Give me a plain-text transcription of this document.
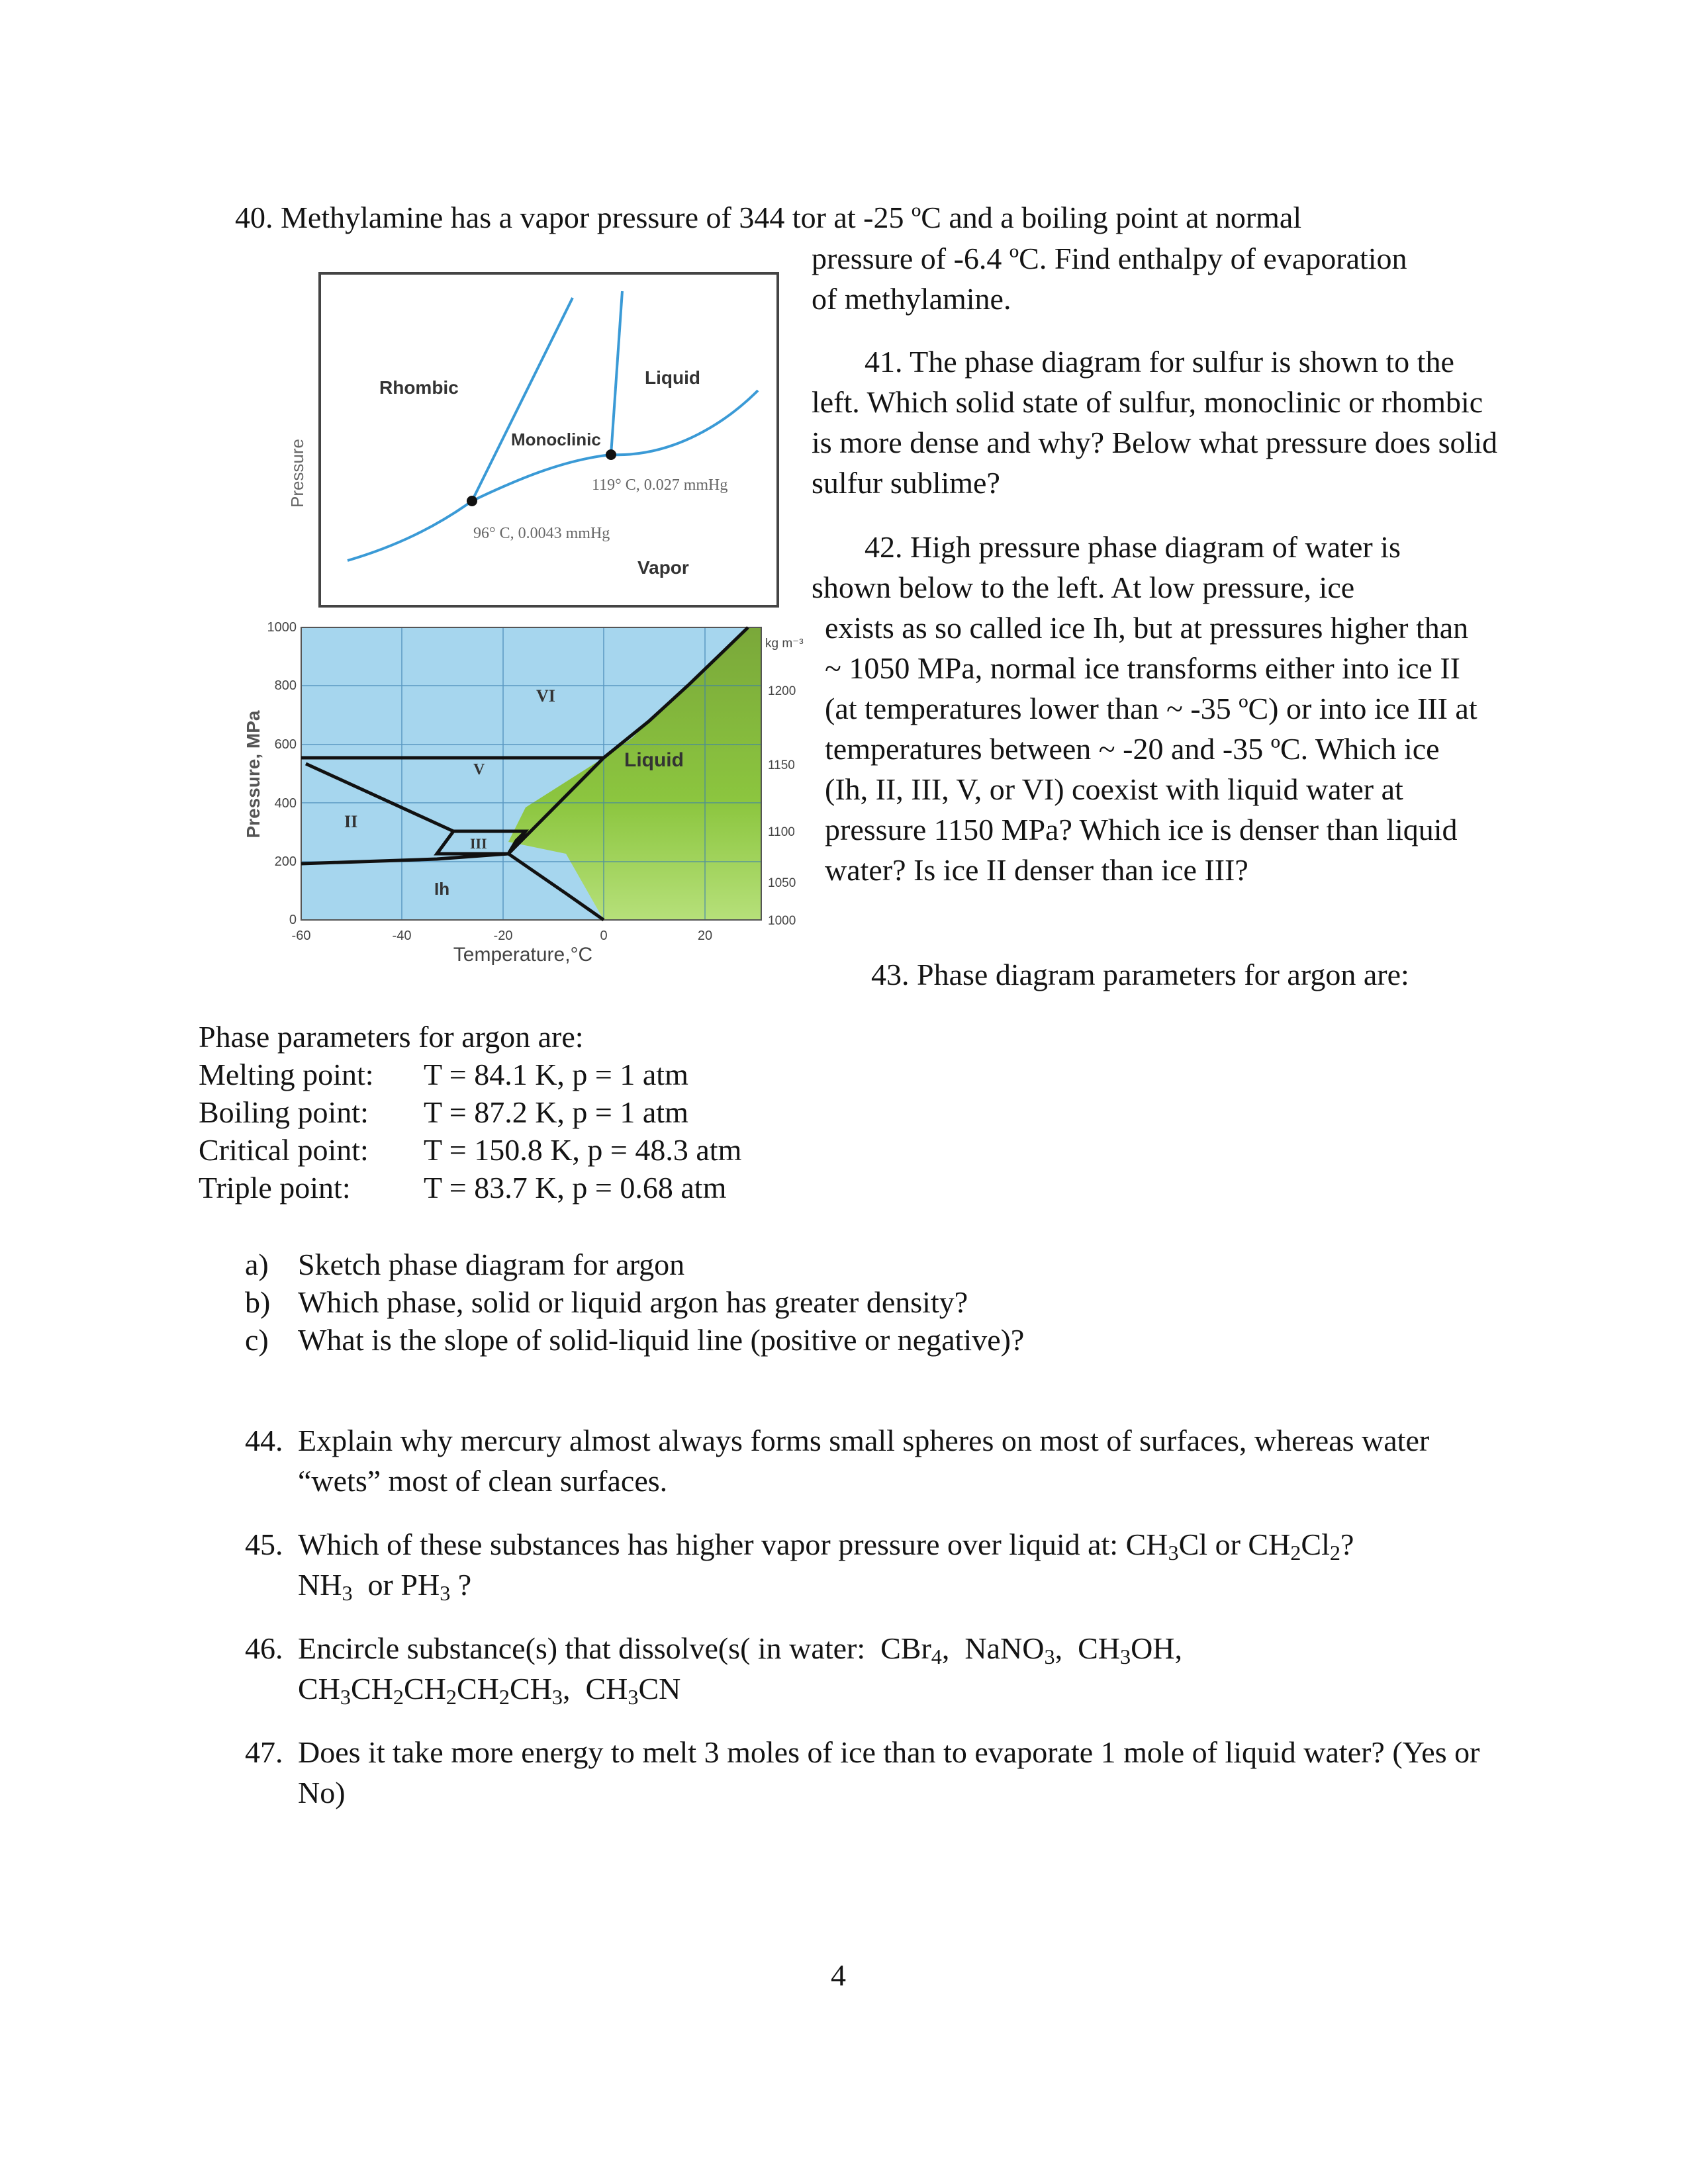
40. Methylamine has a vapor pressure of 344 tor at -25 ºC and a boiling point at normal
pressure of -6.4 ºC. Find enthalpy of evaporation
of methylamine.
41. The phase diagram for sulfur is shown to the left. Which solid state of sulfur, monoclinic or rhombic is more dense and why? Below what pressure does solid sulfur sublime?
42. High pressure phase diagram of water is
shown below to the left. At low pressure, ice
exists as so called ice Ih, but at pressures higher than ~ 1050 MPa, normal ice transforms either into ice II (at temperatures lower than ~ -35 ºC) or into ice III at temperatures between ~ -20 and -35 ºC. Which ice (Ih, II, III, V, or VI) coexist with liquid water at pressure 1150 MPa? Which ice is denser than liquid water? Is ice II denser than ice III?
43. Phase diagram parameters for argon are:
Pressure
Rhombic
Monoclinic
Liquid
Vapor
119° C, 0.027 mmHg
96° C, 0.0043 mmHg
VI
V	Liquid
II
III
Ih
-60	-40	-20	0	20
Temperature,°C
0
200
400
600
800
1000
Pressure, MPa
kg m⁻³
1200
1150
1100
1050
1000
Phase parameters for argon are:
Melting point:	T = 84.1 K, p = 1 atm
Boiling point:	T = 87.2 K, p = 1 atm
Critical point:	T = 150.8 K, p = 48.3 atm
Triple point:	T = 83.7 K, p = 0.68 atm
a) Sketch phase diagram for argon
b) Which phase, solid or liquid argon has greater density?
c) What is the slope of solid-liquid line (positive or negative)?
44. Explain why mercury almost always forms small spheres on most of surfaces, whereas water “wets” most of clean surfaces.
45. Which of these substances has higher vapor pressure over liquid at: $CH_3Cl$ or $CH_2Cl_2$?
$NH_3$ or $PH_3$ ?
46. Encircle substance(s) that dissolve(s( in water: CBr$_4$,  NaNO$_3$,  $CH_3OH$,
$CH_3CH_2CH_2CH_2CH_3$,  $CH_3CN$
47. Does it take more energy to melt 3 moles of ice than to evaporate 1 mole of liquid water? (Yes or No)
4
